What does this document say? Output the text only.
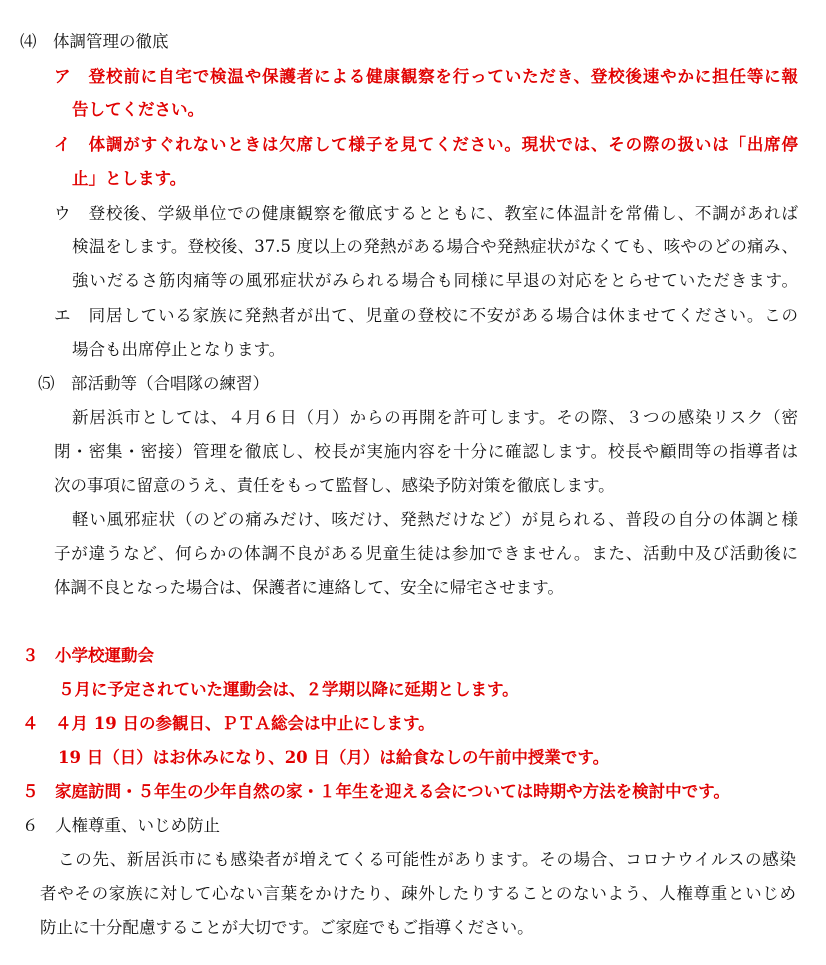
⑷　体調管理の徹底
ア　登校前に自宅で検温や保護者による健康観察を行っていただき、登校後速やかに担任等に報
告してください。
イ　体調がすぐれないときは欠席して様子を見てください。現状では、その際の扱いは「出席停
止」とします。
ウ　登校後、学級単位での健康観察を徹底するとともに、教室に体温計を常備し、不調があれば
検温をします。登校後、37.5 度以上の発熱がある場合や発熱症状がなくても、咳やのどの痛み、
強いだるさ筋肉痛等の風邪症状がみられる場合も同様に早退の対応をとらせていただきます。
エ　同居している家族に発熱者が出て、児童の登校に不安がある場合は休ませてください。この
場合も出席停止となります。
⑸　部活動等（合唱隊の練習）
新居浜市としては、４月６日（月）からの再開を許可します。その際、３つの感染リスク（密
閉・密集・密接）管理を徹底し、校長が実施内容を十分に確認します。校長や顧問等の指導者は
次の事項に留意のうえ、責任をもって監督し、感染予防対策を徹底します。
軽い風邪症状（のどの痛みだけ、咳だけ、発熱だけなど）が見られる、普段の自分の体調と様
子が違うなど、何らかの体調不良がある児童生徒は参加できません。また、活動中及び活動後に
体調不良となった場合は、保護者に連絡して、安全に帰宅させます。
３　小学校運動会
５月に予定されていた運動会は、２学期以降に延期とします。
４　４月 19 日の参観日、ＰＴＡ総会は中止にします。
19 日（日）はお休みになり、20 日（月）は給食なしの午前中授業です。
５　家庭訪問・５年生の少年自然の家・１年生を迎える会については時期や方法を検討中です。
６　人権尊重、いじめ防止
この先、新居浜市にも感染者が増えてくる可能性があります。その場合、コロナウイルスの感染
者やその家族に対して心ない言葉をかけたり、疎外したりすることのないよう、人権尊重といじめ
防止に十分配慮することが大切です。ご家庭でもご指導ください。
